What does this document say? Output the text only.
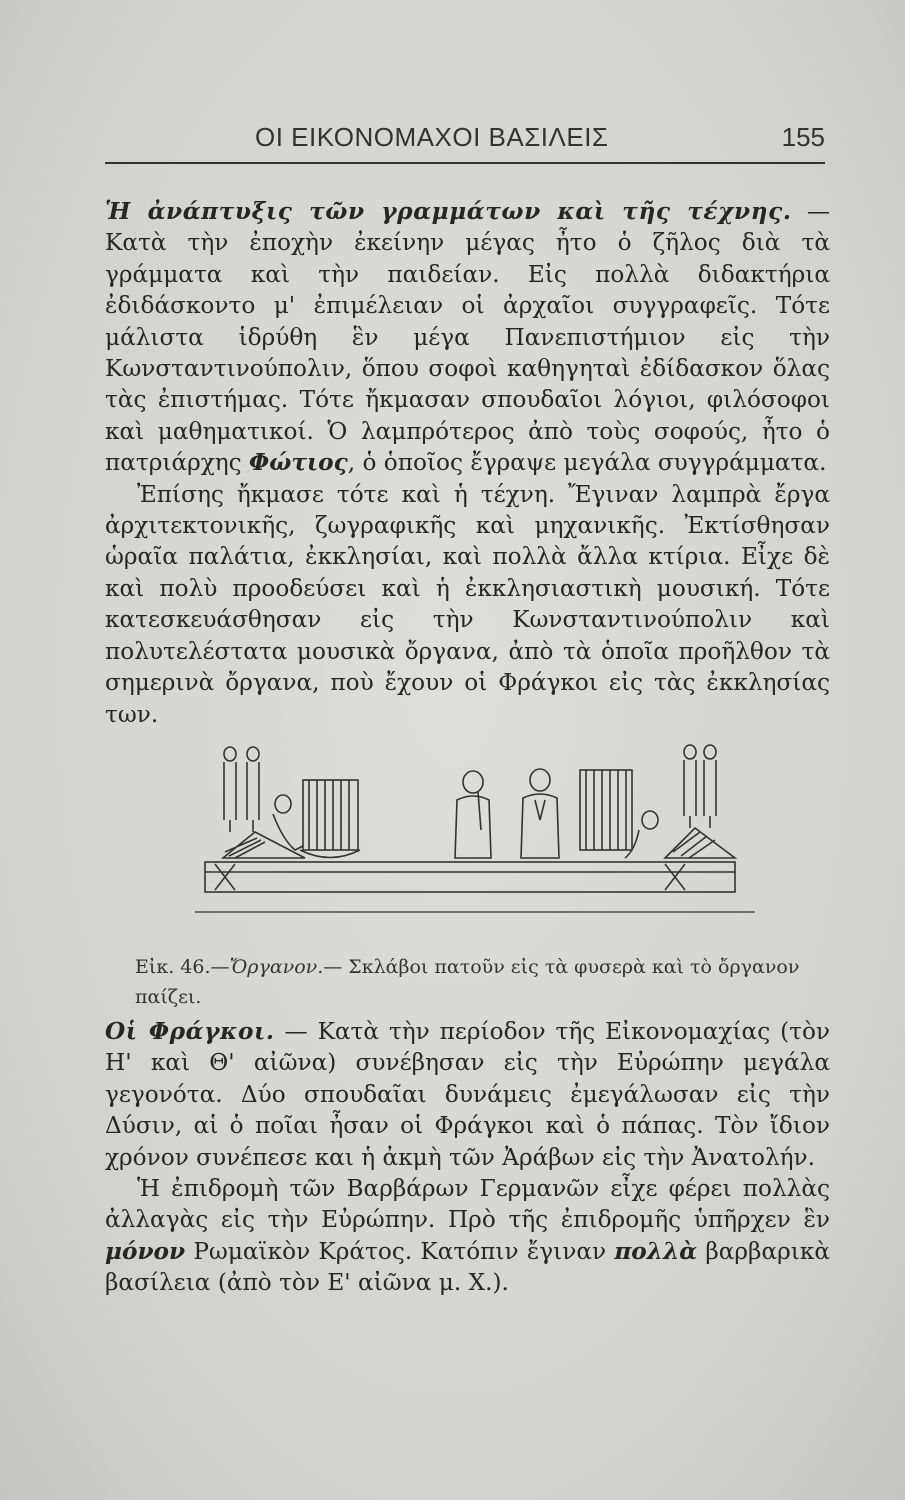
ΟΙ ΕΙΚΟΝΟΜΑΧΟΙ ΒΑΣΙΛΕΙΣ	155

Ἡ ἀνάπτυξις τῶν γραμμάτων καὶ τῆς τέχνης. — Κατὰ τὴν ἐποχὴν ἐκείνην μέγας ἦτο ὁ ζῆλος διὰ τὰ γράμματα καὶ τὴν παιδείαν. Εἰς πολλὰ διδακτήρια ἐδιδάσκοντο μ' ἐπιμέλειαν οἱ ἀρχαῖοι συγγραφεῖς. Τότε μάλιστα ἱδρύθη ἓν μέγα Πανεπιστήμιον εἰς τὴν Κωνσταντινούπολιν, ὅπου σοφοὶ καθηγηταὶ ἐδίδασκον ὅλας τὰς ἐπιστήμας. Τότε ἤκμασαν σπουδαῖοι λόγιοι, φιλόσοφοι καὶ μαθηματικοί. Ὁ λαμπρότερος ἀπὸ τοὺς σοφούς, ἦτο ὁ πατριάρχης Φώτιος, ὁ ὁποῖος ἔγραψε μεγάλα συγγράμματα.

Ἐπίσης ἤκμασε τότε καὶ ἡ τέχνη. Ἔγιναν λαμπρὰ ἔργα ἀρχιτεκτονικῆς, ζωγραφικῆς καὶ μηχανικῆς. Ἐκτίσθησαν ὡραῖα παλάτια, ἐκκλησίαι, καὶ πολλὰ ἄλλα κτίρια. Εἶχε δὲ καὶ πολὺ προοδεύσει καὶ ἡ ἐκκλησιαστικὴ μουσική. Τότε κατεσκευάσθησαν εἰς τὴν Κωνσταντινούπολιν καὶ πολυτελέστατα μουσικὰ ὄργανα, ἀπὸ τὰ ὁποῖα προῆλθον τὰ σημερινὰ ὄργανα, ποὺ ἔχουν οἱ Φράγκοι εἰς τὰς ἐκκλησίας των.

Εἰκ. 46.—Ὄργανον.— Σκλάβοι πατοῦν εἰς τὰ φυσερὰ καὶ τὸ ὄργανον παίζει.

Οἱ Φράγκοι. — Κατὰ τὴν περίοδον τῆς Εἰκονομαχίας (τὸν Η' καὶ Θ' αἰῶνα) συνέβησαν εἰς τὴν Εὐρώπην μεγάλα γεγονότα. Δύο σπουδαῖαι δυνάμεις ἐμεγάλωσαν εἰς τὴν Δύσιν, αἱ ὁ ποῖαι ἦσαν οἱ Φράγκοι καὶ ὁ πάπας. Τὸν ἴδιον χρόνον συνέπεσε και ἡ ἀκμὴ τῶν Ἀράβων εἰς τὴν Ἀνατολήν.

Ἡ ἐπιδρομὴ τῶν Βαρβάρων Γερμανῶν εἶχε φέρει πολλὰς ἀλλαγὰς εἰς τὴν Εὐρώπην. Πρὸ τῆς ἐπιδρομῆς ὑπῆρχεν ἓν μόνον Ρωμαϊκὸν Κράτος. Κατόπιν ἔγιναν πολλὰ βαρβαρικὰ βασίλεια (ἀπὸ τὸν Ε' αἰῶνα μ. Χ.).
